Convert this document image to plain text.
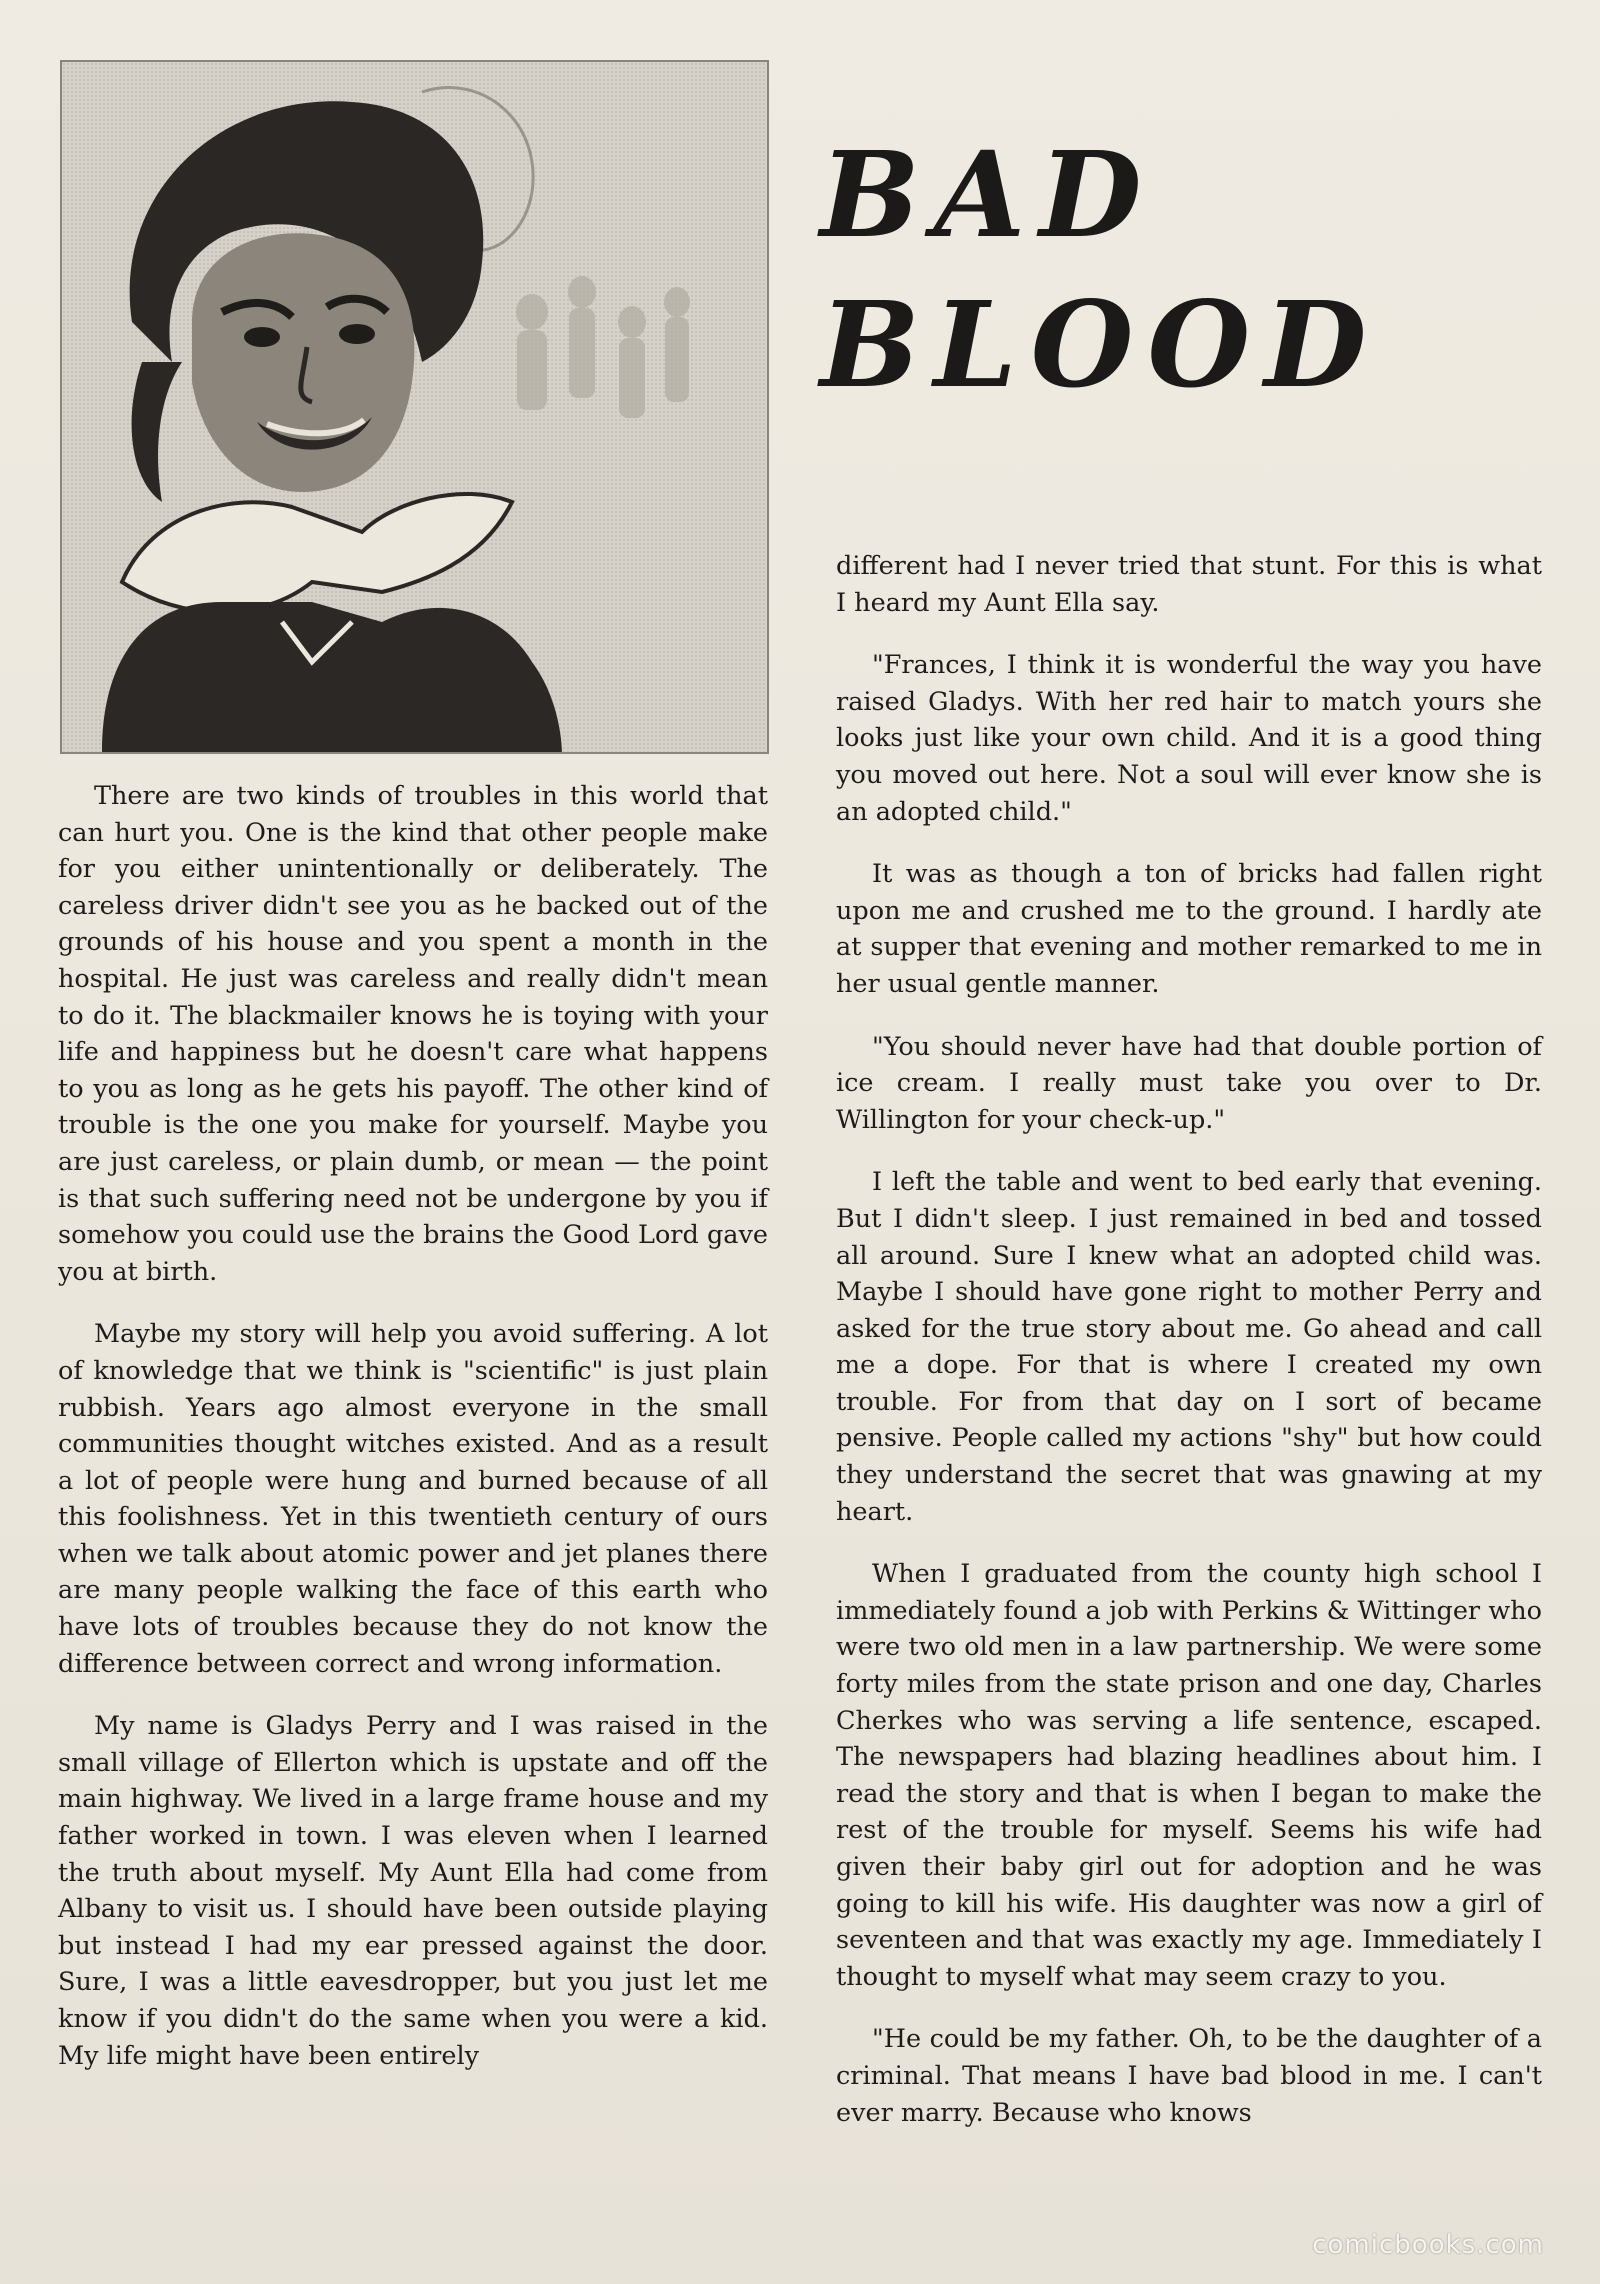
BAD
BLOOD

There are two kinds of troubles in this world that can hurt you. One is the kind that other people make for you either unintentionally or deliberately. The careless driver didn't see you as he backed out of the grounds of his house and you spent a month in the hospital. He just was careless and really didn't mean to do it. The blackmailer knows he is toying with your life and happiness but he doesn't care what happens to you as long as he gets his payoff. The other kind of trouble is the one you make for yourself. Maybe you are just careless, or plain dumb, or mean — the point is that such suffering need not be undergone by you if somehow you could use the brains the Good Lord gave you at birth.

Maybe my story will help you avoid suffering. A lot of knowledge that we think is "scientific" is just plain rubbish. Years ago almost everyone in the small communities thought witches existed. And as a result a lot of people were hung and burned because of all this foolishness. Yet in this twentieth century of ours when we talk about atomic power and jet planes there are many people walking the face of this earth who have lots of troubles because they do not know the difference between correct and wrong information.

My name is Gladys Perry and I was raised in the small village of Ellerton which is upstate and off the main highway. We lived in a large frame house and my father worked in town. I was eleven when I learned the truth about myself. My Aunt Ella had come from Albany to visit us. I should have been outside playing but instead I had my ear pressed against the door. Sure, I was a little eavesdropper, but you just let me know if you didn't do the same when you were a kid. My life might have been entirely

different had I never tried that stunt. For this is what I heard my Aunt Ella say.

"Frances, I think it is wonderful the way you have raised Gladys. With her red hair to match yours she looks just like your own child. And it is a good thing you moved out here. Not a soul will ever know she is an adopted child."

It was as though a ton of bricks had fallen right upon me and crushed me to the ground. I hardly ate at supper that evening and mother remarked to me in her usual gentle manner.

"You should never have had that double portion of ice cream. I really must take you over to Dr. Willington for your check-up."

I left the table and went to bed early that evening. But I didn't sleep. I just remained in bed and tossed all around. Sure I knew what an adopted child was. Maybe I should have gone right to mother Perry and asked for the true story about me. Go ahead and call me a dope. For that is where I created my own trouble. For from that day on I sort of became pensive. People called my actions "shy" but how could they understand the secret that was gnawing at my heart.

When I graduated from the county high school I immediately found a job with Perkins & Wittinger who were two old men in a law partnership. We were some forty miles from the state prison and one day, Charles Cherkes who was serving a life sentence, escaped. The newspapers had blazing headlines about him. I read the story and that is when I began to make the rest of the trouble for myself. Seems his wife had given their baby girl out for adoption and he was going to kill his wife. His daughter was now a girl of seventeen and that was exactly my age. Immediately I thought to myself what may seem crazy to you.

"He could be my father. Oh, to be the daughter of a criminal. That means I have bad blood in me. I can't ever marry. Because who knows

comicbooks.com
